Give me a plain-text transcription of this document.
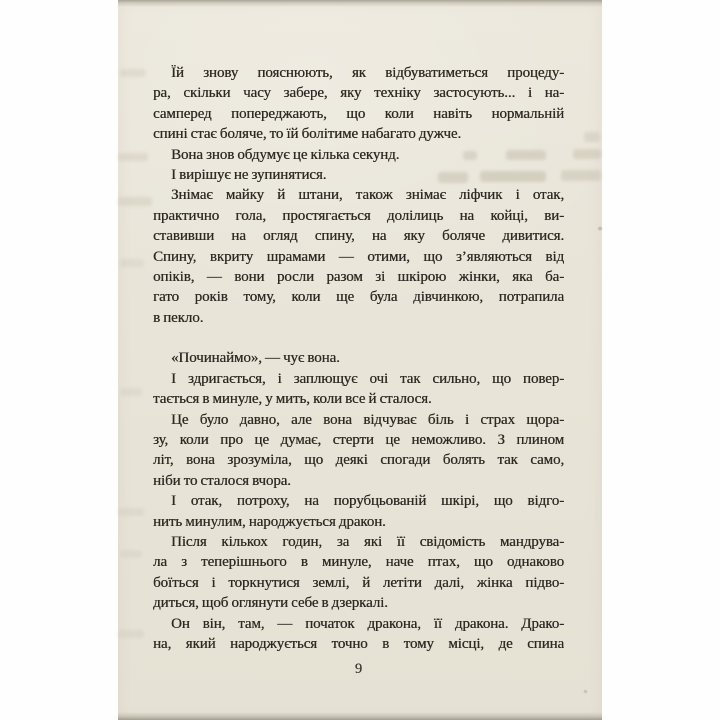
Їй знову пояснюють, як відбуватиметься процеду-
ра, скільки часу забере, яку техніку застосують... і на-
самперед попереджають, що коли навіть нормальній
спині стає боляче, то їй болітиме набагато дужче.
Вона знов обдумує це кілька секунд.
І вирішує не зупинятися.
Знімає майку й штани, також знімає ліфчик і отак,
практично гола, простягається долілиць на койці, ви-
ставивши на огляд спину, на яку боляче дивитися.
Спину, вкриту шрамами — отими, що з’являються від
опіків, — вони росли разом зі шкірою жінки, яка ба-
гато років тому, коли ще була дівчинкою, потрапила
в пекло.
«Починаймо», — чує вона.
І здригається, і заплющує очі так сильно, що повер-
тається в минуле, у мить, коли все й сталося.
Це було давно, але вона відчуває біль і страх щора-
зу, коли про це думає, стерти це неможливо. З плином
літ, вона зрозуміла, що деякі спогади болять так само,
ніби то сталося вчора.
І отак, потроху, на порубцьованій шкірі, що відго-
нить минулим, народжується дракон.
Після кількох годин, за які її свідомість мандрува-
ла з теперішнього в минуле, наче птах, що однаково
боїться і торкнутися землі, й летіти далі, жінка підво-
диться, щоб оглянути себе в дзеркалі.
Он він, там, — початок дракона, її дракона. Драко-
на, який народжується точно в тому місці, де спина
9
